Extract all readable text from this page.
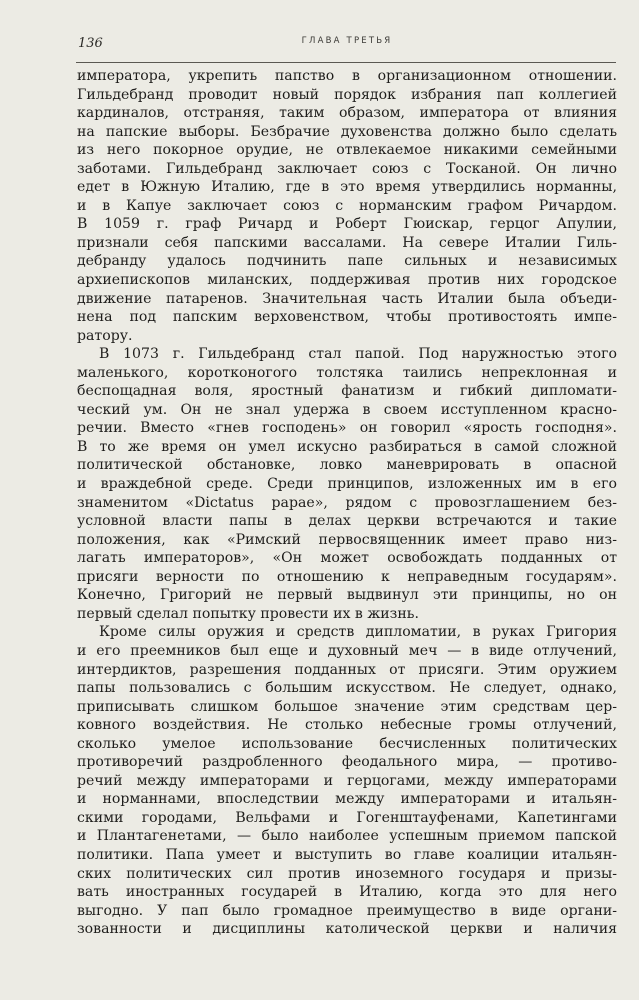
136	ГЛАВА ТРЕТЬЯ
императора, укрепить папство в организационном отношении.
Гильдебранд проводит новый порядок избрания пап коллегией
кардиналов, отстраняя, таким образом, императора от влияния
на папские выборы. Безбрачие духовенства должно было сделать
из него покорное орудие, не отвлекаемое никакими семейными
заботами. Гильдебранд заключает союз с Тосканой. Он лично
едет в Южную Италию, где в это время утвердились норманны,
и в Капуе заключает союз с норманским графом Ричардом.
В 1059 г. граф Ричард и Роберт Гюискар, герцог Апулии,
признали себя папскими вассалами. На севере Италии Гиль-
дебранду удалось подчинить папе сильных и независимых
архиепископов миланских, поддерживая против них городское
движение патаренов. Значительная часть Италии была объеди-
нена под папским верховенством, чтобы противостоять импе-
ратору.
В 1073 г. Гильдебранд стал папой. Под наружностью этого
маленького, коротконогого толстяка таились непреклонная и
беспощадная воля, яростный фанатизм и гибкий дипломати-
ческий ум. Он не знал удержа в своем исступленном красно-
речии. Вместо «гнев господень» он говорил «ярость господня».
В то же время он умел искусно разбираться в самой сложной
политической обстановке, ловко маневрировать в опасной
и враждебной среде. Среди принципов, изложенных им в его
знаменитом «Dictatus papae», рядом с провозглашением без-
условной власти папы в делах церкви встречаются и такие
положения, как «Римский первосвященник имеет право низ-
лагать императоров», «Он может освобождать подданных от
присяги верности по отношению к неправедным государям».
Конечно, Григорий не первый выдвинул эти принципы, но он
первый сделал попытку провести их в жизнь.
Кроме силы оружия и средств дипломатии, в руках Григория
и его преемников был еще и духовный меч — в виде отлучений,
интердиктов, разрешения подданных от присяги. Этим оружием
папы пользовались с большим искусством. Не следует, однако,
приписывать слишком большое значение этим средствам цер-
ковного воздействия. Не столько небесные громы отлучений,
сколько умелое использование бесчисленных политических
противоречий раздробленного феодального мира, — противо-
речий между императорами и герцогами, между императорами
и норманнами, впоследствии между императорами и итальян-
скими городами, Вельфами и Гогенштауфенами, Капетингами
и Плантагенетами, — было наиболее успешным приемом папской
политики. Папа умеет и выступить во главе коалиции итальян-
ских политических сил против иноземного государя и призы-
вать иностранных государей в Италию, когда это для него
выгодно. У пап было громадное преимущество в виде органи-
зованности и дисциплины католической церкви и наличия
